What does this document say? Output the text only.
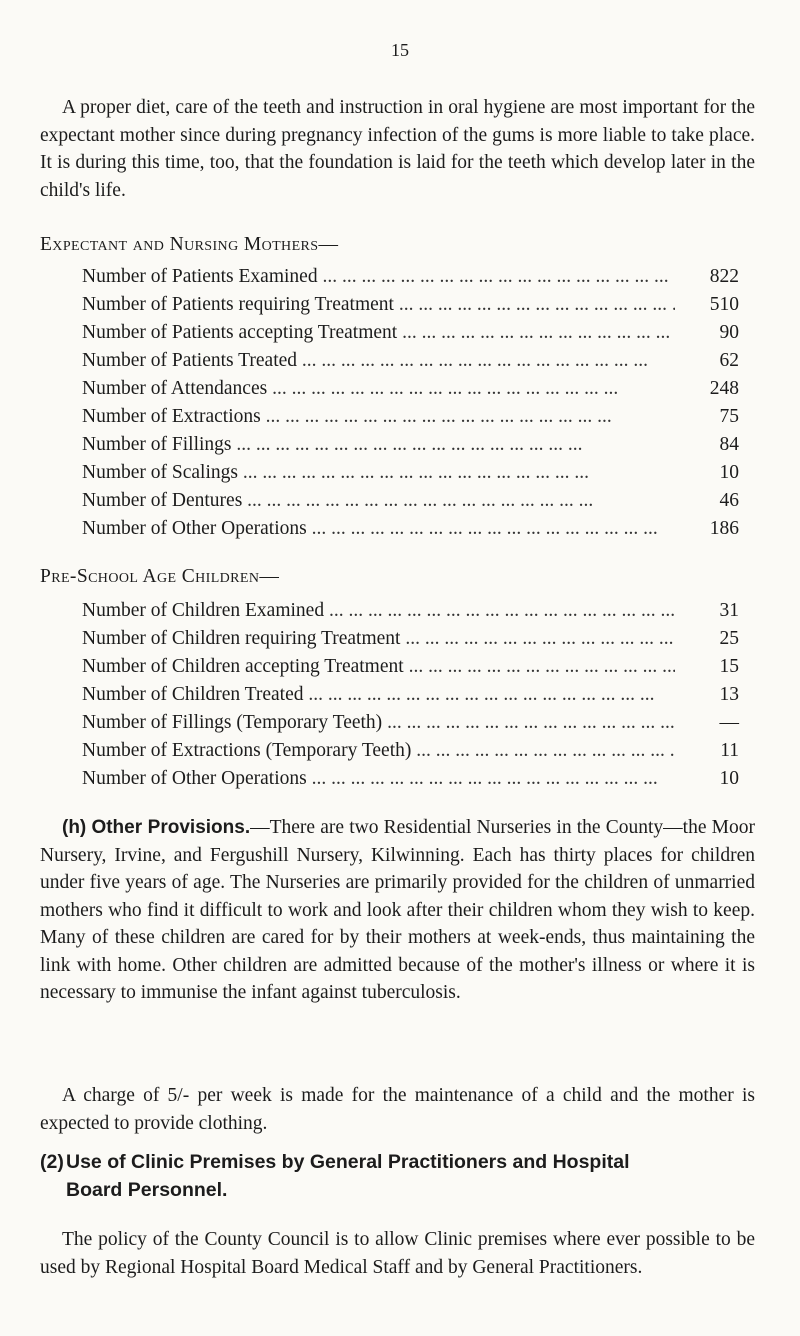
15

A proper diet, care of the teeth and instruction in oral hygiene are most important for the expectant mother since during pregnancy infection of the gums is more liable to take place. It is during this time, too, that the foundation is laid for the teeth which develop later in the child's life.

Expectant and Nursing Mothers—

Number of Patients Examined ... .	822
Number of Patients requiring Treatment ... .	510
Number of Patients accepting Treatment ... .	90
Number of Patients Treated ... .	62
Number of Attendances ... .	248
Number of Extractions ... .	75
Number of Fillings ... .	84
Number of Scalings ... .	10
Number of Dentures ... .	46
Number of Other Operations ... .	186

Pre-School Age Children—

Number of Children Examined ... .	31
Number of Children requiring Treatment ... .	25
Number of Children accepting Treatment ... .	15
Number of Children Treated ... .	13
Number of Fillings (Temporary Teeth) ... .	—
Number of Extractions (Temporary Teeth) ... .	11
Number of Other Operations ... .	10

(h) Other Provisions.—There are two Residential Nurseries in the County—the Moor Nursery, Irvine, and Fergushill Nursery, Kilwinning. Each has thirty places for children under five years of age. The Nurseries are primarily provided for the children of unmarried mothers who find it difficult to work and look after their children whom they wish to keep. Many of these children are cared for by their mothers at week-ends, thus maintaining the link with home. Other children are admitted because of the mother's illness or where it is necessary to immunise the infant against tuberculosis.

A charge of 5/- per week is made for the maintenance of a child and the mother is expected to provide clothing.

(2) Use of Clinic Premises by General Practitioners and Hospital
Board Personnel.

The policy of the County Council is to allow Clinic premises where ever possible to be used by Regional Hospital Board Medical Staff and by General Practitioners.
